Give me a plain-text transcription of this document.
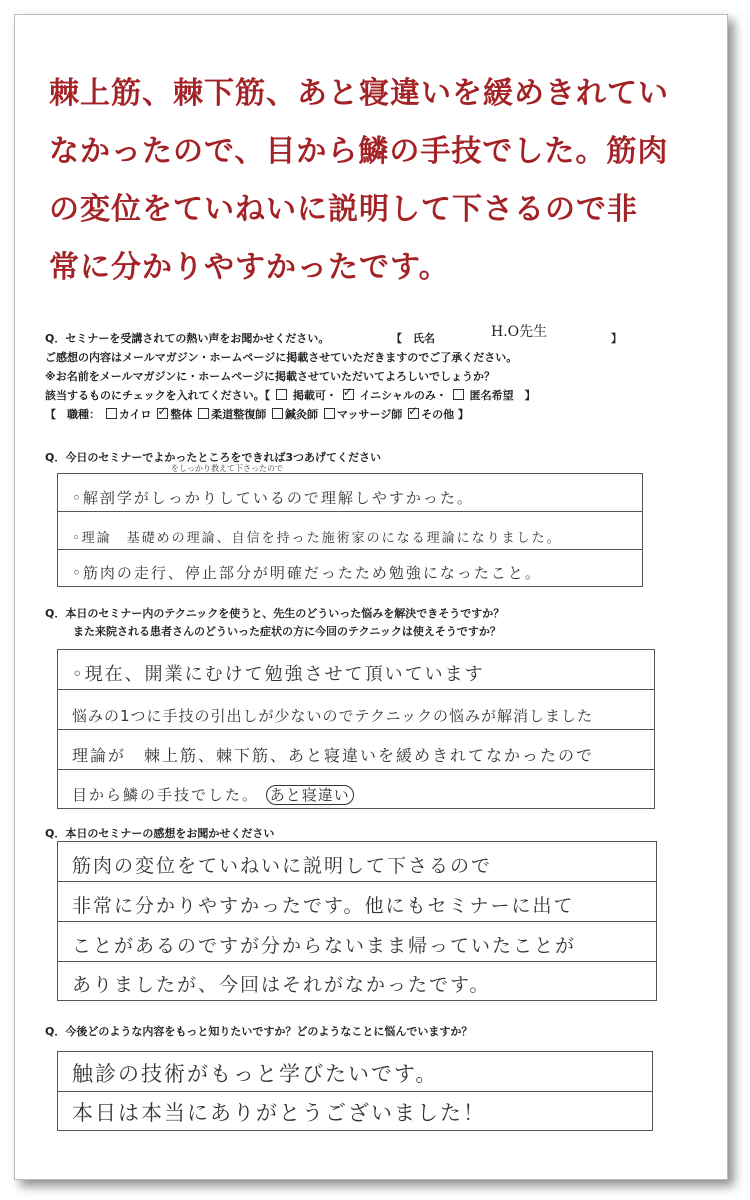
棘上筋、棘下筋、あと寝違いを緩めきれてい
なかったので、目から鱗の手技でした。筋肉
の変位をていねいに説明して下さるので非
常に分かりやすかったです。
Q．セミナーを受講されての熱い声をお聞かせください。	【　氏名	H.O先生	】
ご感想の内容はメールマガジン・ホームページに掲載させていただきますのでご了承ください。
※お名前をメールマガジンに・ホームページに掲載させていただいてよろしいでしょうか？
該当するものにチェックを入れてください。【 掲載可・ ✓ イニシャルのみ・ 匿名希望　】
【　職種： カイロ ✓ 整体 柔道整復師 鍼灸師 マッサージ師 ✓ その他 】
Q．今日のセミナーでよかったところをできれば3つあげてください
をしっかり教えて下さったので
◦解剖学がしっかりしているので理解しやすかった。
◦理論　基礎めの理論、自信を持った施術家のになる理論になりました。
◦筋肉の走行、停止部分が明確だったため勉強になったこと。
Q．本日のセミナー内のテクニックを使うと、先生のどういった悩みを解決できそうですか？
また来院される患者さんのどういった症状の方に今回のテクニックは使えそうですか？
◦現在、開業にむけて勉強させて頂いています
悩みの1つに手技の引出しが少ないのでテクニックの悩みが解消しました
理論が　棘上筋、棘下筋、あと寝違いを緩めきれてなかったので
目から鱗の手技でした。 あと寝違い
Q．本日のセミナーの感想をお聞かせください
筋肉の変位をていねいに説明して下さるので
非常に分かりやすかったです。他にもセミナーに出て
ことがあるのですが分からないまま帰っていたことが
ありましたが、今回はそれがなかったです。
Q．今後どのような内容をもっと知りたいですか？どのようなことに悩んでいますか？
触診の技術がもっと学びたいです。
本日は本当にありがとうございました！
